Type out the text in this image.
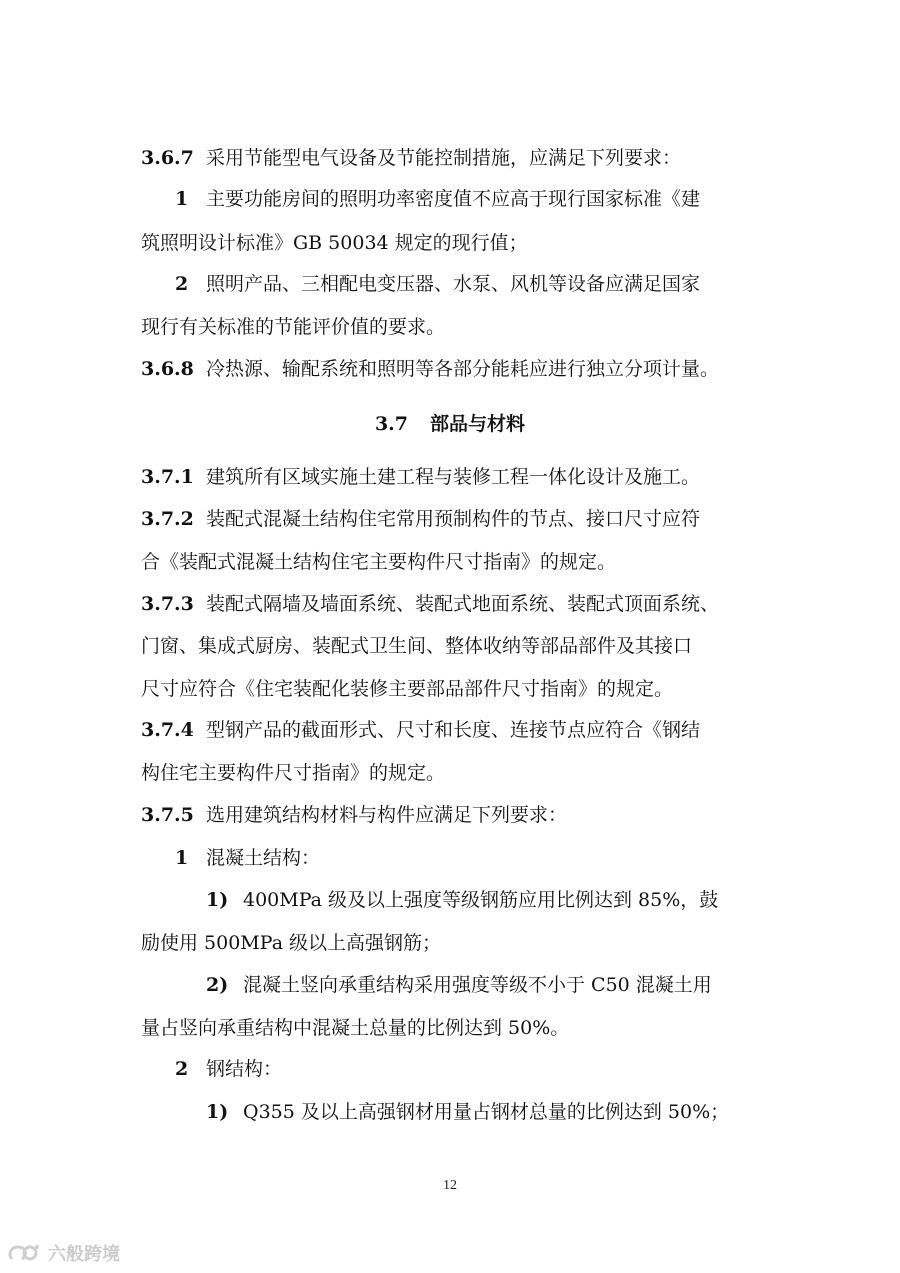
3.6.7 采用节能型电气设备及节能控制措施，应满足下列要求：
1 主要功能房间的照明功率密度值不应高于现行国家标准《建
筑照明设计标准》GB 50034 规定的现行值；
2 照明产品、三相配电变压器、水泵、风机等设备应满足国家
现行有关标准的节能评价值的要求。
3.6.8 冷热源、输配系统和照明等各部分能耗应进行独立分项计量。
3.7 部品与材料
3.7.1 建筑所有区域实施土建工程与装修工程一体化设计及施工。
3.7.2 装配式混凝土结构住宅常用预制构件的节点、接口尺寸应符
合《装配式混凝土结构住宅主要构件尺寸指南》的规定。
3.7.3 装配式隔墙及墙面系统、装配式地面系统、装配式顶面系统、
门窗、集成式厨房、装配式卫生间、整体收纳等部品部件及其接口
尺寸应符合《住宅装配化装修主要部品部件尺寸指南》的规定。
3.7.4 型钢产品的截面形式、尺寸和长度、连接节点应符合《钢结
构住宅主要构件尺寸指南》的规定。
3.7.5 选用建筑结构材料与构件应满足下列要求：
1 混凝土结构：
1) 400MPa 级及以上强度等级钢筋应用比例达到 85%，鼓
励使用 500MPa 级以上高强钢筋；
2) 混凝土竖向承重结构采用强度等级不小于 C50 混凝土用
量占竖向承重结构中混凝土总量的比例达到 50%。
2 钢结构：
1) Q355 及以上高强钢材用量占钢材总量的比例达到 50%；
12
六般跨境
